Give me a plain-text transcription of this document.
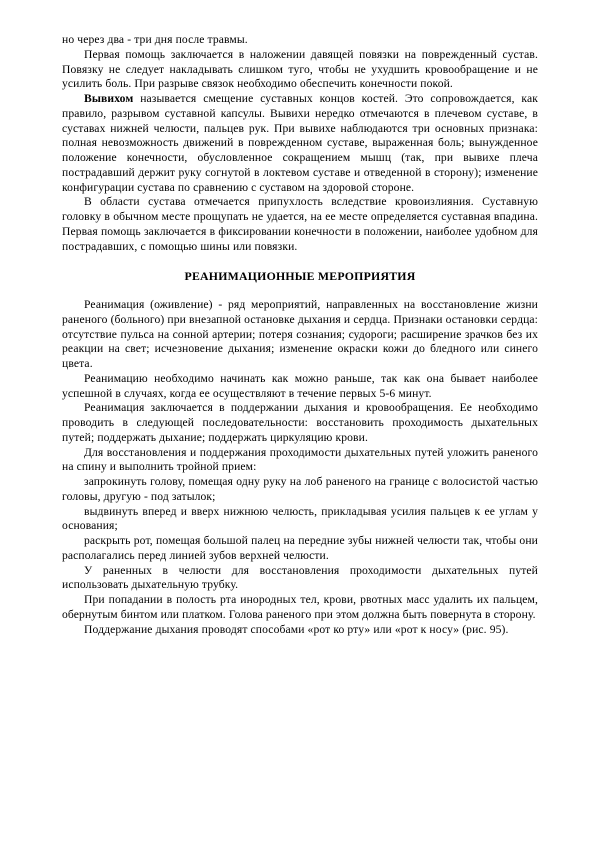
но через два - три дня после травмы.

Первая помощь заключается в наложении давящей повязки на поврежденный сустав. Повязку не следует накладывать слишком туго, чтобы не ухудшить кровообращение и не усилить боль. При разрыве связок необходимо обеспечить конечности покой.

Вывихом называется смещение суставных концов костей. Это сопровождается, как правило, разрывом суставной капсулы. Вывихи нередко отмечаются в плечевом суставе, в суставах нижней челюсти, пальцев рук. При вывихе наблюдаются три основных признака: полная невозможность движений в поврежденном суставе, выраженная боль; вынужденное положение конечности, обусловленное сокращением мышц (так, при вывихе плеча пострадавший держит руку согнутой в локтевом суставе и отведенной в сторону); изменение конфигурации сустава по сравнению с суставом на здоровой стороне.

В области сустава отмечается припухлость вследствие кровоизлияния. Суставную головку в обычном месте прощупать не удается, на ее месте определяется суставная впадина. Первая помощь заключается в фиксировании конечности в положении, наиболее удобном для пострадавших, с помощью шины или повязки.

РЕАНИМАЦИОННЫЕ МЕРОПРИЯТИЯ

Реанимация (оживление) - ряд мероприятий, направленных на восстановление жизни раненого (больного) при внезапной остановке дыхания и сердца. Признаки остановки сердца: отсутствие пульса на сонной артерии; потеря сознания; судороги; расширение зрачков без их реакции на свет; исчезновение дыхания; изменение окраски кожи до бледного или синего цвета.

Реанимацию необходимо начинать как можно раньше, так как она бывает наиболее успешной в случаях, когда ее осуществляют в течение первых 5-6 минут.

Реанимация заключается в поддержании дыхания и кровообращения. Ее необходимо проводить в следующей последовательности: восстановить проходимость дыхательных путей; поддержать дыхание; поддержать циркуляцию крови.

Для восстановления и поддержания проходимости дыхательных путей уложить раненого на спину и выполнить тройной прием:

запрокинуть голову, помещая одну руку на лоб раненого на границе с волосистой частью головы, другую - под затылок;

выдвинуть вперед и вверх нижнюю челюсть, прикладывая усилия пальцев к ее углам у основания;

раскрыть рот, помещая большой палец на передние зубы нижней челюсти так, чтобы они располагались перед линией зубов верхней челюсти.

У раненных в челюсти для восстановления проходимости дыхательных путей использовать дыхательную трубку.

При попадании в полость рта инородных тел, крови, рвотных масс удалить их пальцем, обернутым бинтом или платком. Голова раненого при этом должна быть повернута в сторону.

Поддержание дыхания проводят способами «рот ко рту» или «рот к носу» (рис. 95).
